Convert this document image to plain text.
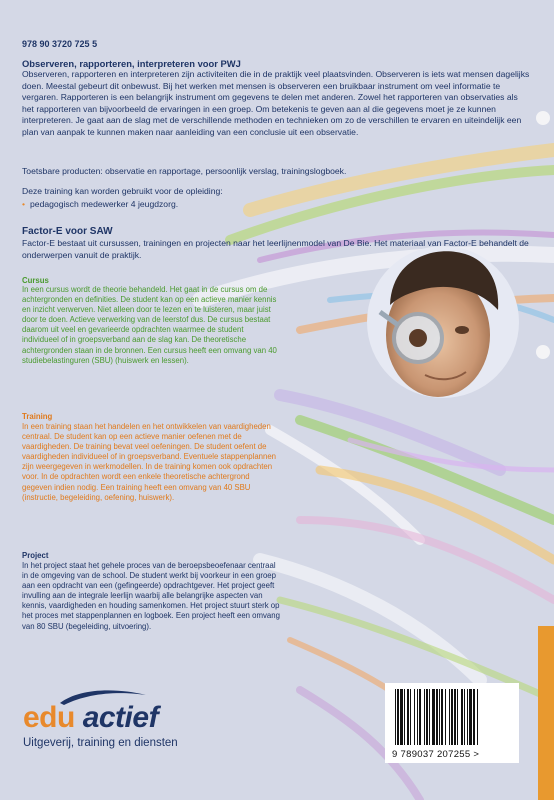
978 90 3720 725 5
Observeren, rapporteren, interpreteren voor PWJ
Observeren, rapporteren en interpreteren zijn activiteiten die in de praktijk veel plaatsvinden. Observeren is iets wat mensen dagelijks doen. Meestal gebeurt dit onbewust. Bij het werken met mensen is observeren een bruikbaar instrument om veel informatie te vergaren. Rapporteren is een belangrijk instrument om gegevens te delen met anderen. Zowel het rapporteren van observaties als het rapporteren van bijvoorbeeld de ervaringen in een groep. Om betekenis te geven aan al die gegevens moet je ze kunnen interpreteren. Je gaat aan de slag met de verschillende methoden en technieken om zo de verschillen te ervaren en uiteindelijk een plan van aanpak te kunnen maken naar aanleiding van een conclusie uit een observatie.
Toetsbare producten: observatie en rapportage, persoonlijk verslag, trainingslogboek.
Deze training kan worden gebruikt voor de opleiding:
• pedagogisch medewerker 4 jeugdzorg.
Factor-E voor SAW
Factor-E bestaat uit cursussen, trainingen en projecten naar het leerlijnenmodel van De Bie. Het materiaal van Factor-E behandelt de onderwerpen vanuit de praktijk.
Cursus
In een cursus wordt de theorie behandeld. Het gaat in de cursus om de achtergronden en definities. De student kan op een actieve manier kennis en inzicht verwerven. Niet alleen door te lezen en te luisteren, maar juist door te doen. Actieve verwerking van de leerstof dus. De cursus bestaat daarom uit veel en gevarieerde opdrachten waarmee de student individueel of in groepsverband aan de slag kan. De theoretische achtergronden staan in de bronnen. Een cursus heeft een omvang van 40 studiebelastinguren (SBU) (huiswerk en lessen).
Training
In een training staan het handelen en het ontwikkelen van vaardigheden centraal. De student kan op een actieve manier oefenen met de vaardigheden. De training bevat veel oefeningen. De student oefent de vaardigheden individueel of in groepsverband. Eventuele stappenplannen zijn weergegeven in werkmodellen. In de training komen ook opdrachten voor. In de opdrachten wordt een enkele theoretische achtergrond gegeven indien nodig. Een training heeft een omvang van 40 SBU (instructie, begeleiding, oefening, huiswerk).
Project
In het project staat het gehele proces van de beroepsbeoefenaar centraal in de omgeving van de school. De student werkt bij voorkeur in een groep aan een opdracht van een (gefingeerde) opdrachtgever. Het project geeft invulling aan de integrale leerlijn waarbij alle belangrijke aspecten van kennis, vaardigheden en houding samenkomen. Het project stuurt sterk op het proces met stappenplannen en logboek. Een project heeft een omvang van 80 SBU (begeleiding, uitvoering).
edu actief
Uitgeverij, training en diensten
9 789037 207255 >
